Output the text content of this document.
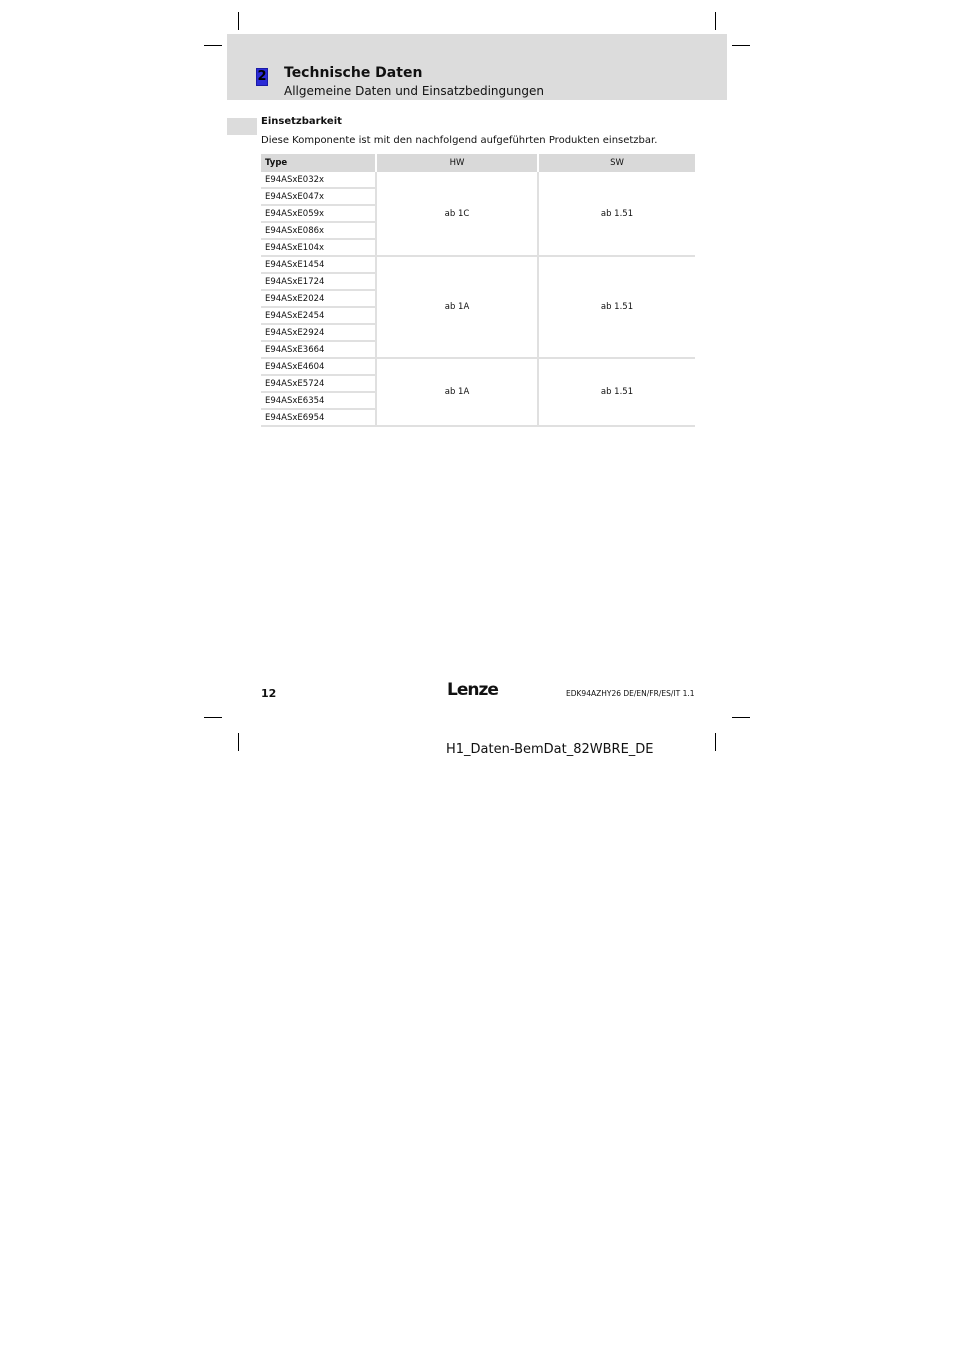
2 Technische Daten
Allgemeine Daten und Einsatzbedingungen
Einsetzbarkeit
Diese Komponente ist mit den nachfolgend aufgeführten Produkten einsetzbar.
Type	HW	SW
E94ASxE032x	ab 1C	ab 1.51
E94ASxE047x		
E94ASxE059x		
E94ASxE086x		
E94ASxE104x		
E94ASxE1454	ab 1A	ab 1.51
E94ASxE1724		
E94ASxE2024		
E94ASxE2454		
E94ASxE2924		
E94ASxE3664		
E94ASxE4604	ab 1A	ab 1.51
E94ASxE5724		
E94ASxE6354		
E94ASxE6954		
12	Lenze	EDK94AZHY26 DE/EN/FR/ES/IT 1.1
H1_Daten-BemDat_82WBRE_DE
